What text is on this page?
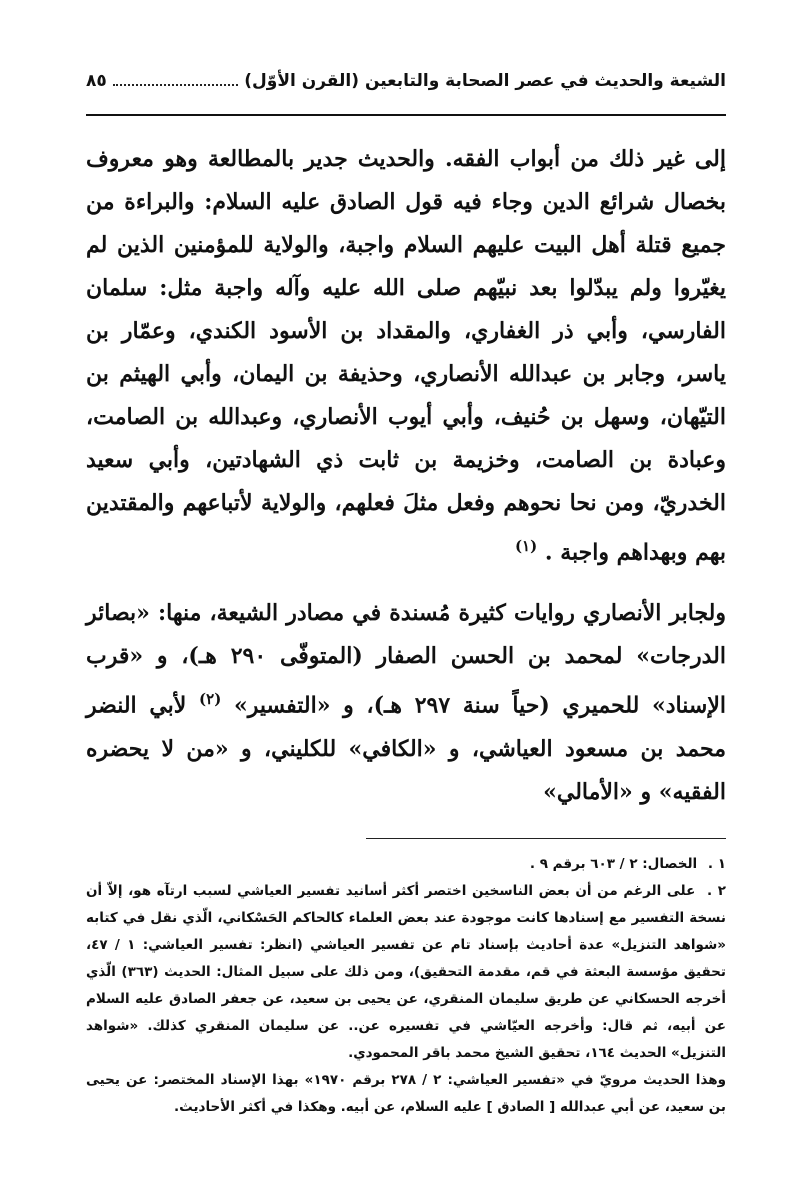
الشيعة والحديث في عصر الصحابة والتابعين (القرن الأوّل)
٨٥

إلى غير ذلك من أبواب الفقه. والحديث جدير بالمطالعة وهو معروف بخصال شرائع الدين وجاء فيه قول الصادق عليه السلام: والبراءة من جميع قتلة أهل البيت عليهم السلام واجبة، والولاية للمؤمنين الذين لم يغيّروا ولم يبدّلوا بعد نبيّهم صلى الله عليه وآله واجبة مثل: سلمان الفارسي، وأبي ذر الغفاري، والمقداد بن الأسود الكندي، وعمّار بن ياسر، وجابر بن عبدالله الأنصاري، وحذيفة بن اليمان، وأبي الهيثم بن التيّهان، وسهل بن حُنيف، وأبي أيوب الأنصاري، وعبدالله بن الصامت، وعبادة بن الصامت، وخزيمة بن ثابت ذي الشهادتين، وأبي سعيد الخدريّ، ومن نحا نحوهم وفعل مثلَ فعلهم، والولاية لأتباعهم والمقتدين بهم وبهداهم واجبة . $^{(١)}$

ولجابر الأنصاري روايات كثيرة مُسندة في مصادر الشيعة، منها: «بصائر الدرجات» لمحمد بن الحسن الصفار (المتوفّى ٢٩٠ هـ)، و «قرب الإسناد» للحميري (حياً سنة ٢٩٧ هـ)، و «التفسير» $^{(٢)}$ لأبي النضر محمد بن مسعود العياشي، و «الكافي» للكليني، و «من لا يحضره الفقيه» و «الأمالي»

١ . الخصال: ٢ / ٦٠٣ برقم ٩ .
٢ . على الرغم من أن بعض الناسخين اختصر أكثر أسانيد تفسير العياشي لسبب ارتآه هو، إلاّ أن نسخة التفسير مع إسنادها كانت موجودة عند بعض العلماء كالحاكم الحَسْكاني، الّذي نقل في كتابه «شواهد التنزيل» عدة أحاديث بإسناد تام عن تفسير العياشي (انظر: تفسير العياشي: ١ / ٤٧، تحقيق مؤسسة البعثة في قم، مقدمة التحقيق)، ومن ذلك على سبيل المثال: الحديث (٣٦٣) الّذي أخرجه الحسكاني عن طريق سليمان المنقري، عن يحيى بن سعيد، عن جعفر الصادق عليه السلام عن أبيه، ثم قال: وأخرجه العيّاشي في تفسيره عن.. عن سليمان المنقري كذلك. «شواهد التنزيل» الحديث ١٦٤، تحقيق الشيخ محمد باقر المحمودي.
وهذا الحديث مرويّ في «تفسير العياشي: ٢ / ٢٧٨ برقم ١٩٧٠» بهذا الإسناد المختصر: عن يحيى بن سعيد، عن أبي عبدالله [ الصادق ] عليه السلام، عن أبيه. وهكذا في أكثر الأحاديث.
